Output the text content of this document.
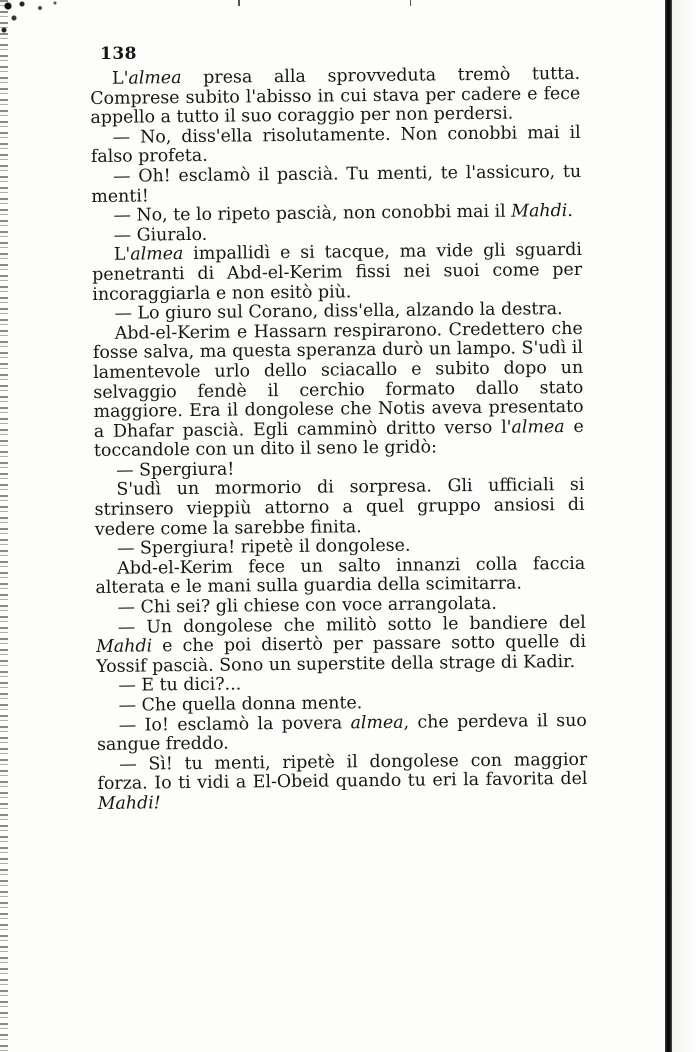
138

L'almea presa alla sprovveduta tremò tutta. Comprese subito l'abisso in cui stava per cadere e fece appello a tutto il suo coraggio per non perdersi.

— No, diss'ella risolutamente. Non conobbi mai il falso profeta.

— Oh! esclamò il pascià. Tu menti, te l'assicuro, tu menti!

— No, te lo ripeto pascià, non conobbi mai il Mahdi.

— Giuralo.

L'almea impallidì e si tacque, ma vide gli sguardi penetranti di Abd-el-Kerim fissi nei suoi come per incoraggiarla e non esitò più.

— Lo giuro sul Corano, diss'ella, alzando la destra.

Abd-el-Kerim e Hassarn respirarono. Credettero che fosse salva, ma questa speranza durò un lampo. S'udì il lamentevole urlo dello sciacallo e subito dopo un selvaggio fendè il cerchio formato dallo stato maggiore. Era il dongolese che Notis aveva presentato a Dhafar pascià. Egli camminò dritto verso l'almea e toccandole con un dito il seno le gridò:

— Spergiura!

S'udì un mormorio di sorpresa. Gli ufficiali si strinsero vieppiù attorno a quel gruppo ansiosi di vedere come la sarebbe finita.

— Spergiura! ripetè il dongolese.

Abd-el-Kerim fece un salto innanzi colla faccia alterata e le mani sulla guardia della scimitarra.

— Chi sei? gli chiese con voce arrangolata.

— Un dongolese che militò sotto le bandiere del Mahdi e che poi disertò per passare sotto quelle di Yossif pascià. Sono un superstite della strage di Kadir.

— E tu dici?...

— Che quella donna mente.

— Io! esclamò la povera almea, che perdeva il suo sangue freddo.

— Sì! tu menti, ripetè il dongolese con maggior forza. Io ti vidi a El-Obeid quando tu eri la favorita del Mahdi!
